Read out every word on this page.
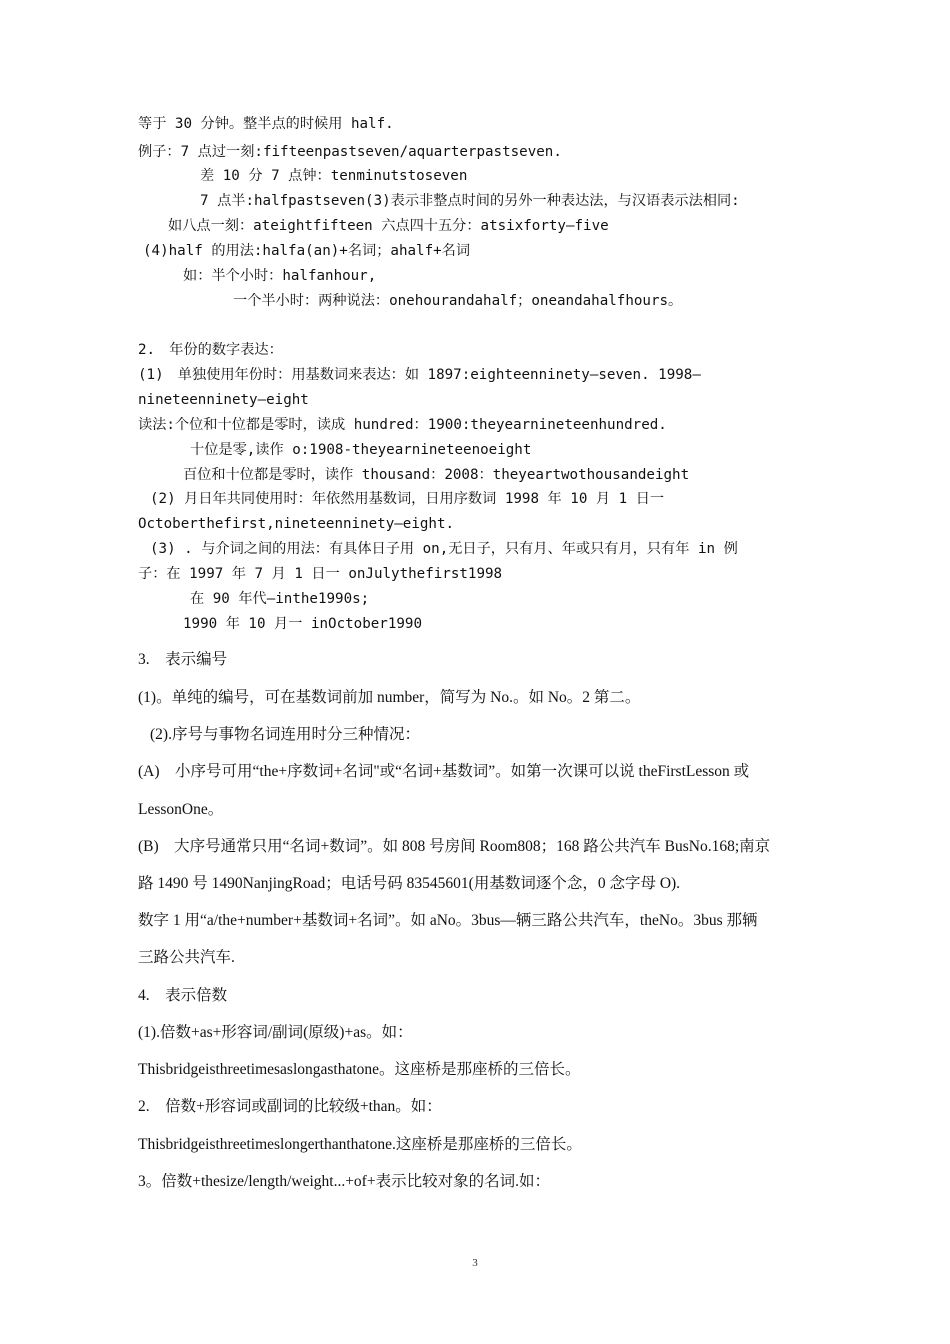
等于 30 分钟。整半点的时候用 half.
例子：7 点过一刻:fifteenpastseven/aquarterpastseven.
差 10 分 7 点钟：tenminutstoseven
7 点半:halfpastseven(3)表示非整点时间的另外一种表达法，与汉语表示法相同:
如八点一刻：ateightfifteen 六点四十五分：atsixforty—five
(4)half 的用法:halfa(an)+名词；ahalf+名词
如：半个小时：halfanhour,
一个半小时：两种说法：onehourandahalf；oneandahalfhours。
2.　年份的数字表达：
(1)　单独使用年份时：用基数词来表达：如 1897:eighteenninety—seven. 1998—
nineteenninety—eight
读法:个位和十位都是零时，读成 hundred：1900:theyearnineteenhundred.
十位是零,读作 o:1908-theyearnineteenoeight
百位和十位都是零时，读作 thousand：2008：theyeartwothousandeight
(2) 月日年共同使用时：年依然用基数词，日用序数词 1998 年 10 月 1 日一
Octoberthefirst,nineteenninety—eight.
(3) . 与介词之间的用法：有具体日子用 on,无日子，只有月、年或只有月，只有年 in 例
子：在 1997 年 7 月 1 日一 onJulythefirst1998
在 90 年代—inthe1990s;
1990 年 10 月一 inOctober1990
3.　表示编号
(1)。单纯的编号，可在基数词前加 number，简写为 No.。如 No。2 第二。
(2).序号与事物名词连用时分三种情况：
(A)　小序号可用“the+序数词+名词"或“名词+基数词”。如第一次课可以说 theFirstLesson 或
LessonOne。
(B)　大序号通常只用“名词+数词”。如 808 号房间 Room808；168 路公共汽车 BusNo.168;南京
路 1490 号 1490NanjingRoad；电话号码 83545601(用基数词逐个念，0 念字母 O).
数字 1 用“a/the+number+基数词+名词”。如 aNo。3bus—辆三路公共汽车，theNo。3bus 那辆
三路公共汽车.
4.　表示倍数
(1).倍数+as+形容词/副词(原级)+as。如：
Thisbridgeisthreetimesaslongasthatone。这座桥是那座桥的三倍长。
2.　倍数+形容词或副词的比较级+than。如：
Thisbridgeisthreetimeslongerthanthatone.这座桥是那座桥的三倍长。
3。倍数+thesize/length/weight...+of+表示比较对象的名词.如：
3
